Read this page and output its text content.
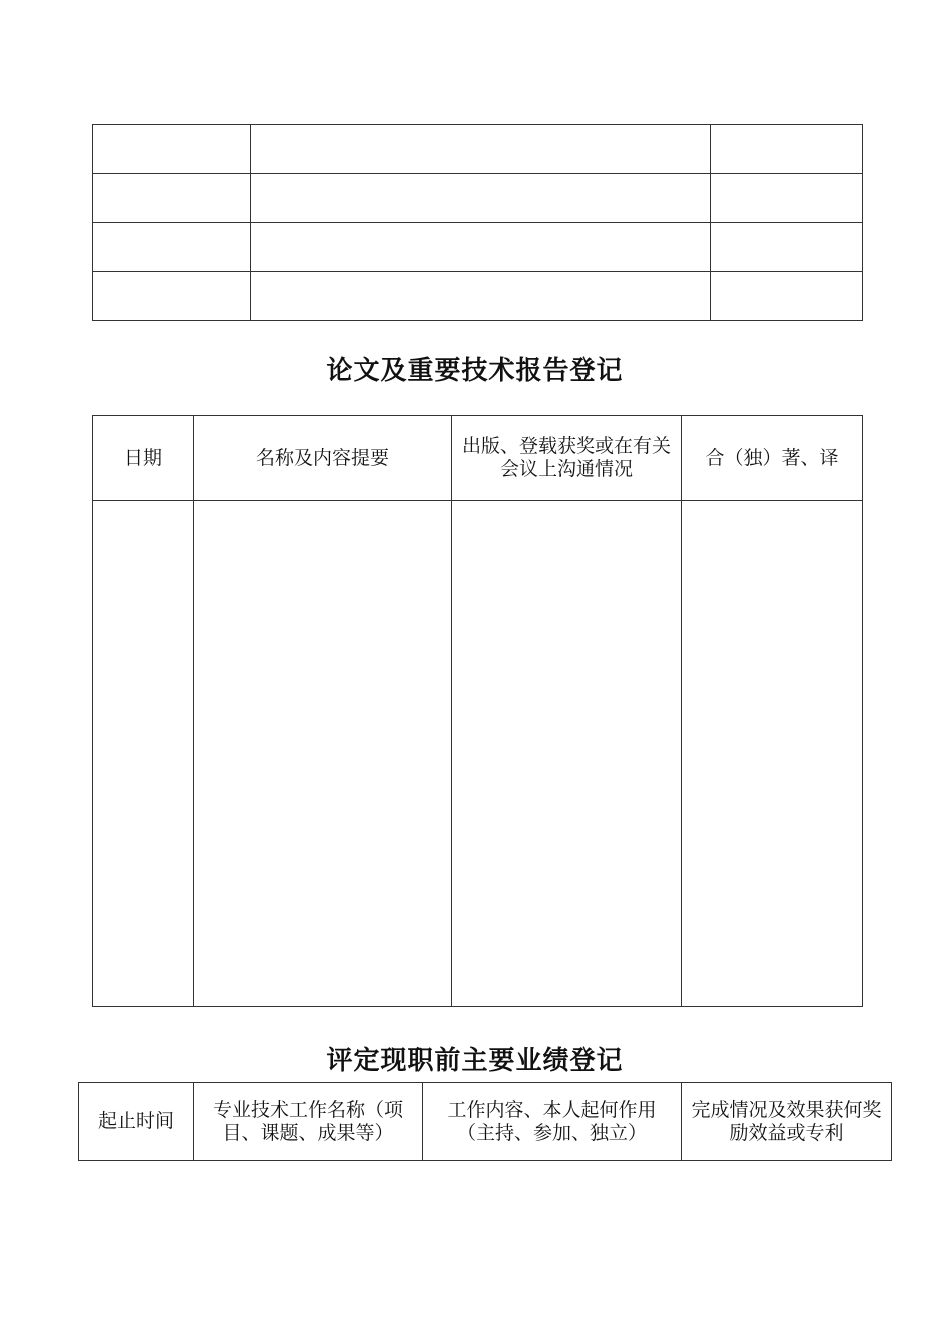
论文及重要技术报告登记
日期	名称及内容提要	出版、登载获奖或在有关会议上沟通情况	合（独）著、译

评定现职前主要业绩登记
起止时间	专业技术工作名称（项目、课题、成果等）	工作内容、本人起何作用（主持、参加、独立）	完成情况及效果获何奖励效益或专利
